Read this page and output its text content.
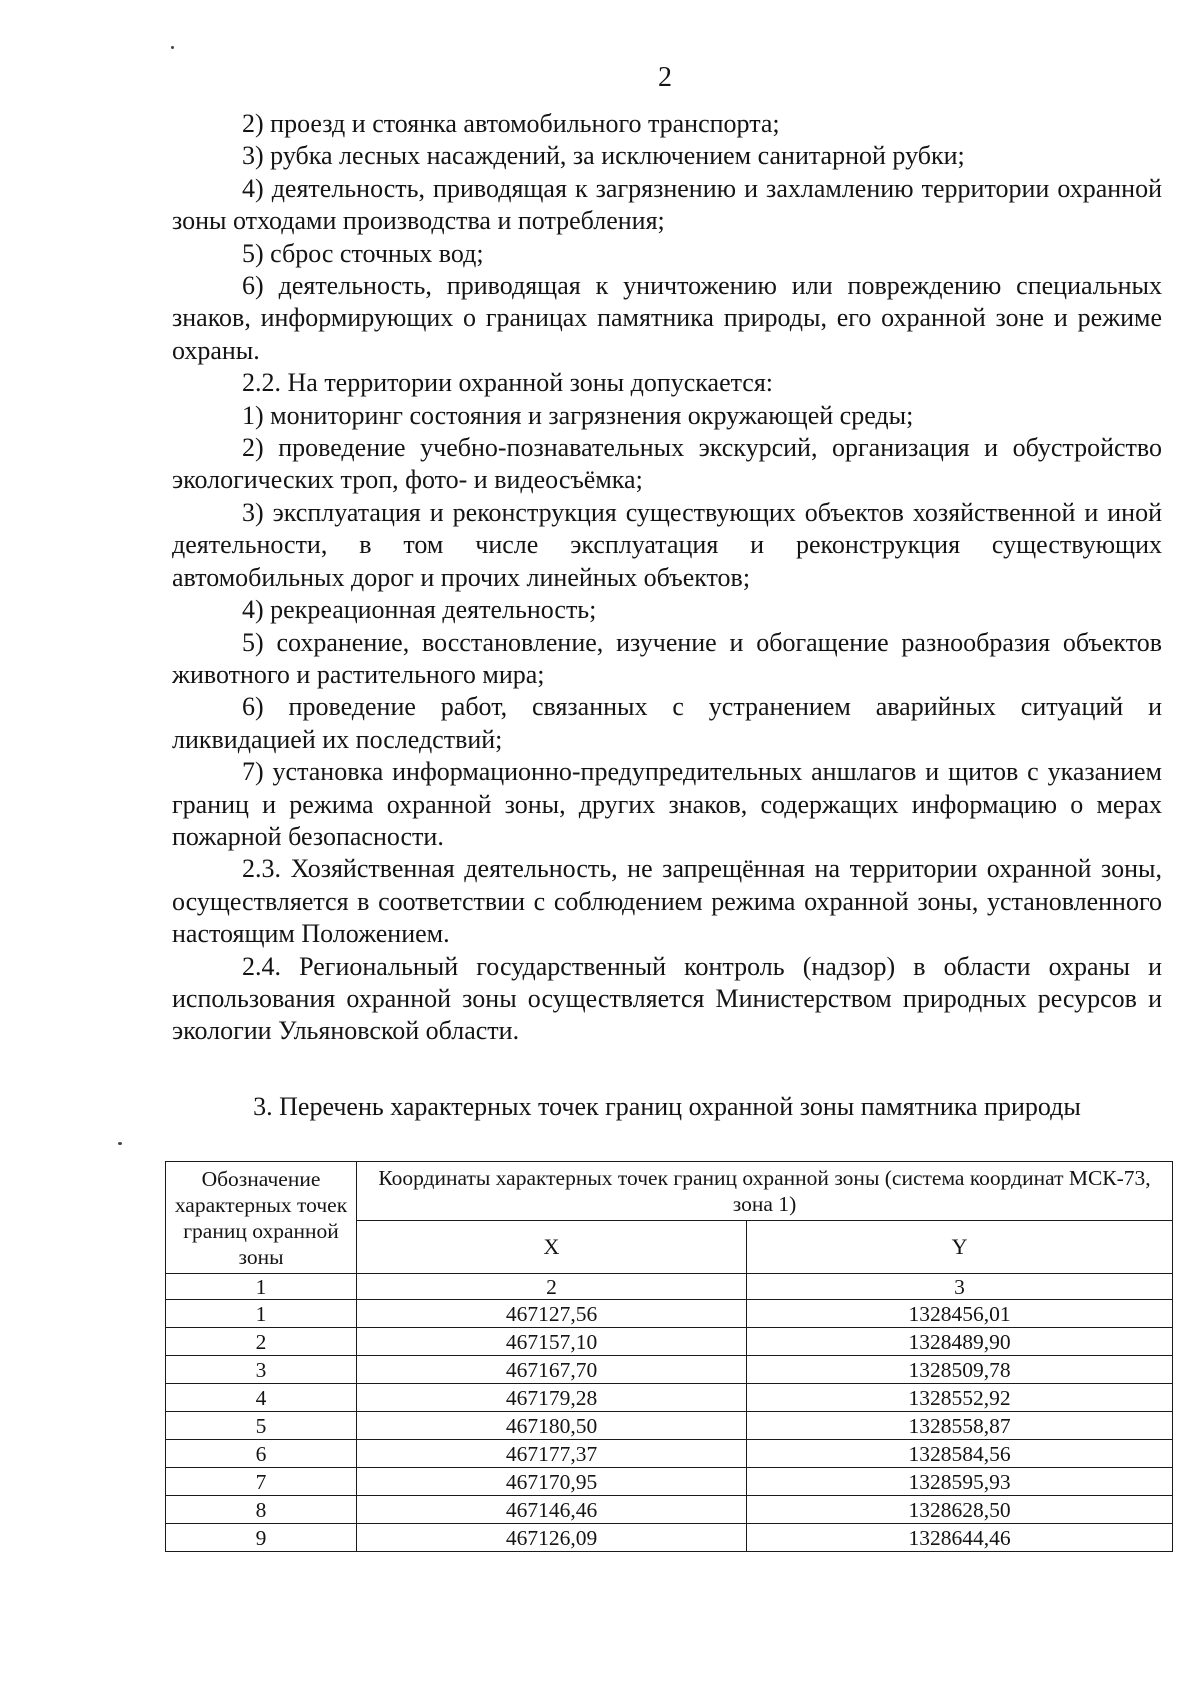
2

2) проезд и стоянка автомобильного транспорта;

3) рубка лесных насаждений, за исключением санитарной рубки;

4) деятельность, приводящая к загрязнению и захламлению территории охранной зоны отходами производства и потребления;

5) сброс сточных вод;

6) деятельность, приводящая к уничтожению или повреждению специальных знаков, информирующих о границах памятника природы, его охранной зоне и режиме охраны.

2.2. На территории охранной зоны допускается:

1) мониторинг состояния и загрязнения окружающей среды;

2) проведение учебно-познавательных экскурсий, организация и обустройство экологических троп, фото- и видеосъёмка;

3) эксплуатация и реконструкция существующих объектов хозяйственной и иной деятельности, в том числе эксплуатация и реконструкция существующих автомобильных дорог и прочих линейных объектов;

4) рекреационная деятельность;

5) сохранение, восстановление, изучение и обогащение разнообразия объектов животного и растительного мира;

6) проведение работ, связанных с устранением аварийных ситуаций и ликвидацией их последствий;

7) установка информационно-предупредительных аншлагов и щитов с указанием границ и режима охранной зоны, других знаков, содержащих информацию о мерах пожарной безопасности.

2.3. Хозяйственная деятельность, не запрещённая на территории охранной зоны, осуществляется в соответствии с соблюдением режима охранной зоны, установленного настоящим Положением.

2.4. Региональный государственный контроль (надзор) в области охраны и использования охранной зоны осуществляется Министерством природных ресурсов и экологии Ульяновской области.

3. Перечень характерных точек границ охранной зоны памятника природы
Обозначение характерных точек границ охранной зоны	Координаты характерных точек границ охранной зоны (система координат МСК-73, зона 1)	
	X	Y
1	2	3
1	467127,56	1328456,01
2	467157,10	1328489,90
3	467167,70	1328509,78
4	467179,28	1328552,92
5	467180,50	1328558,87
6	467177,37	1328584,56
7	467170,95	1328595,93
8	467146,46	1328628,50
9	467126,09	1328644,46
